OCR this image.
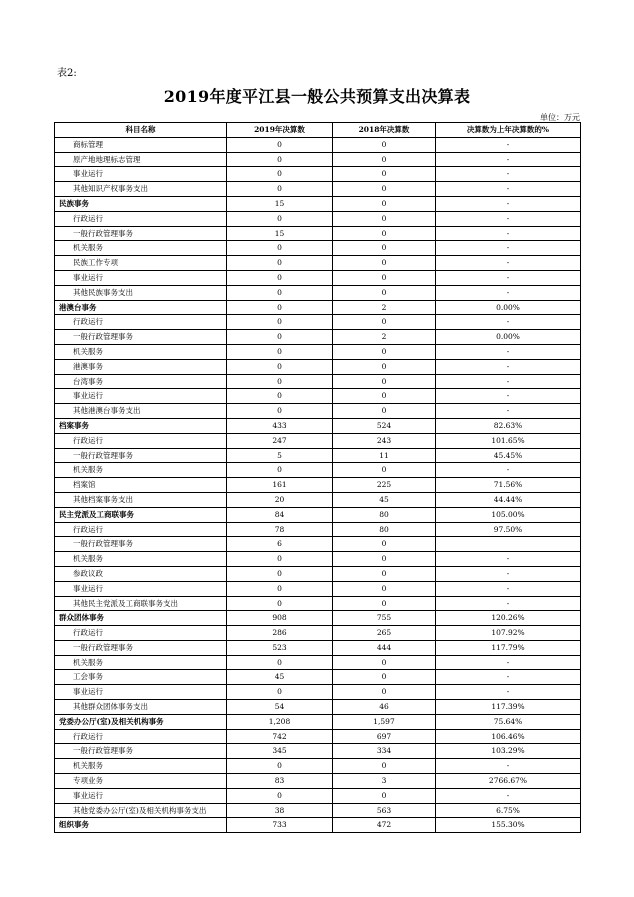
表2:
2019年度平江县一般公共预算支出决算表
单位：万元
科目名称	2019年决算数	2018年决算数	决算数为上年决算数的%
商标管理	0	0	-
原产地地理标志管理	0	0	-
事业运行	0	0	-
其他知识产权事务支出	0	0	-
民族事务	15	0	-
行政运行	0	0	-
一般行政管理事务	15	0	-
机关服务	0	0	-
民族工作专项	0	0	-
事业运行	0	0	-
其他民族事务支出	0	0	-
港澳台事务	0	2	0.00%
行政运行	0	0	-
一般行政管理事务	0	2	0.00%
机关服务	0	0	-
港澳事务	0	0	-
台湾事务	0	0	-
事业运行	0	0	-
其他港澳台事务支出	0	0	-
档案事务	433	524	82.63%
行政运行	247	243	101.65%
一般行政管理事务	5	11	45.45%
机关服务	0	0	-
档案馆	161	225	71.56%
其他档案事务支出	20	45	44.44%
民主党派及工商联事务	84	80	105.00%
行政运行	78	80	97.50%
一般行政管理事务	6	0	
机关服务	0	0	-
参政议政	0	0	-
事业运行	0	0	-
其他民主党派及工商联事务支出	0	0	-
群众团体事务	908	755	120.26%
行政运行	286	265	107.92%
一般行政管理事务	523	444	117.79%
机关服务	0	0	-
工会事务	45	0	-
事业运行	0	0	-
其他群众团体事务支出	54	46	117.39%
党委办公厅(室)及相关机构事务	1,208	1,597	75.64%
行政运行	742	697	106.46%
一般行政管理事务	345	334	103.29%
机关服务	0	0	-
专项业务	83	3	2766.67%
事业运行	0	0	-
其他党委办公厅(室)及相关机构事务支出	38	563	6.75%
组织事务	733	472	155.30%
